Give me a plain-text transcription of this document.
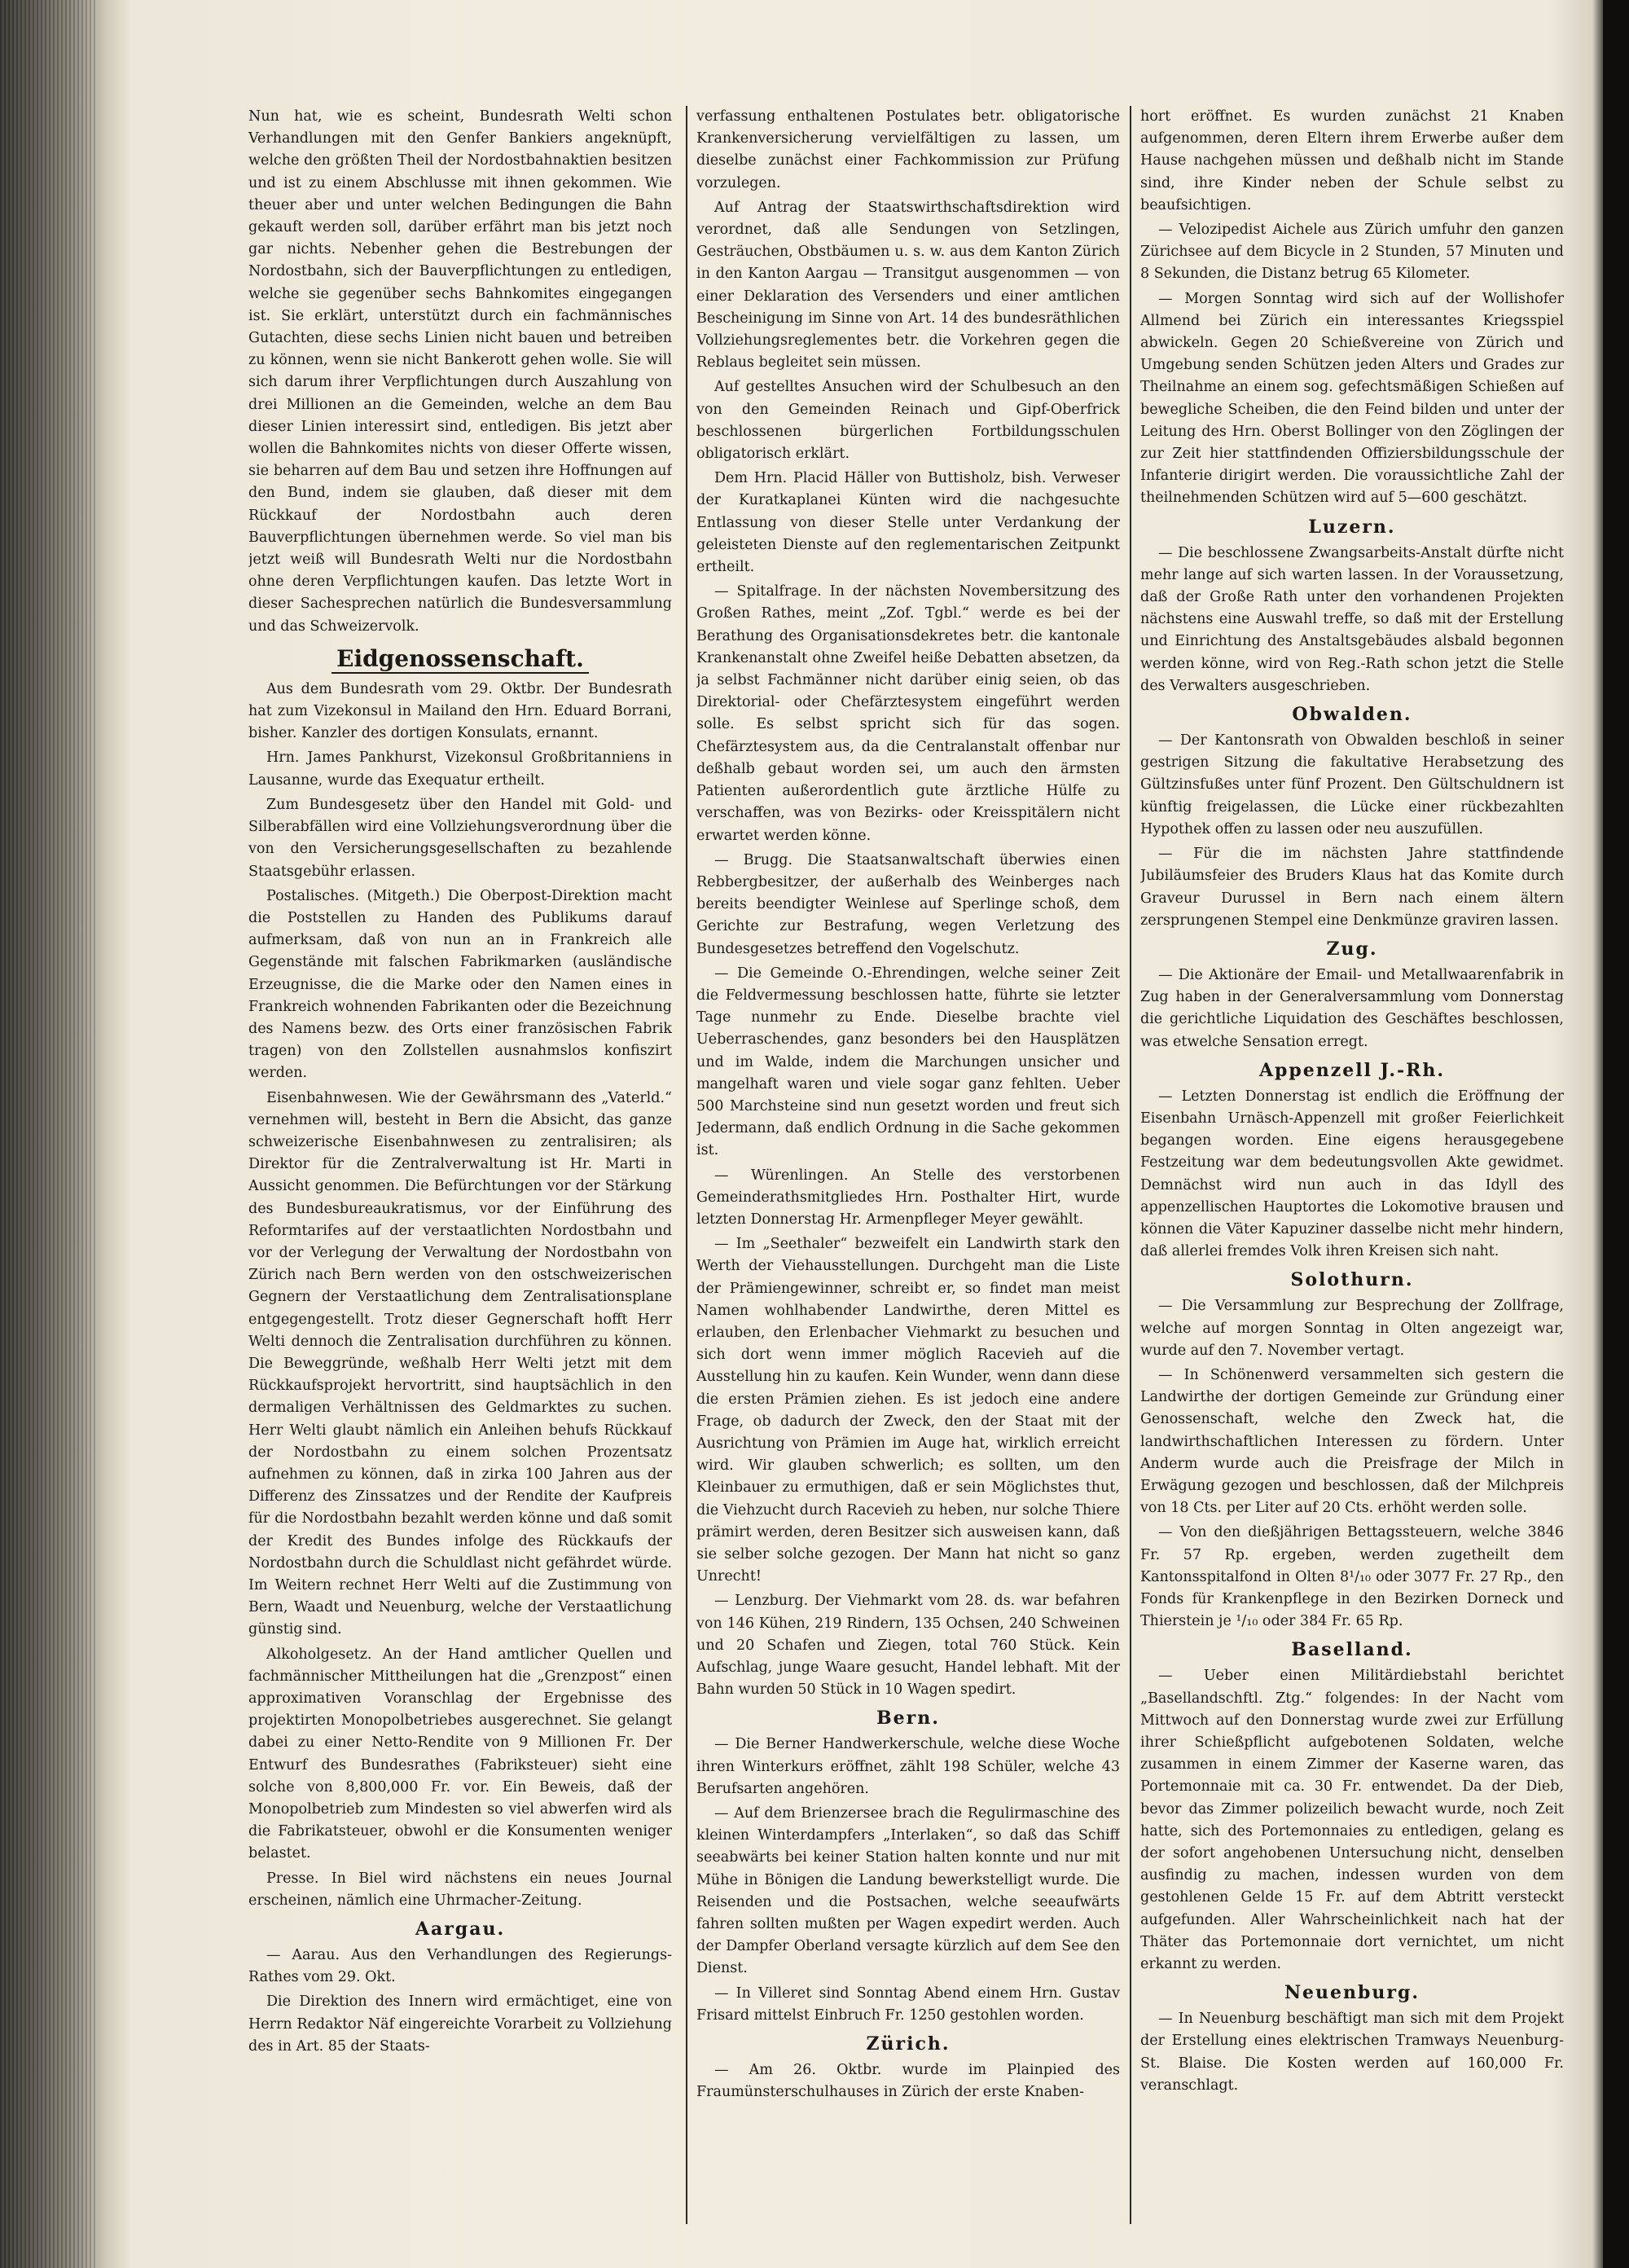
Nun hat, wie es scheint, Bundesrath Welti schon Verhandlungen mit den Genfer Bankiers angeknüpft, welche den größten Theil der Nordostbahnaktien besitzen und ist zu einem Abschlusse mit ihnen gekommen. Wie theuer aber und unter welchen Bedingungen die Bahn gekauft werden soll, darüber erfährt man bis jetzt noch gar nichts. Nebenher gehen die Bestrebungen der Nordostbahn, sich der Bauverpflichtungen zu entledigen, welche sie gegenüber sechs Bahnkomites eingegangen ist. Sie erklärt, unterstützt durch ein fachmännisches Gutachten, diese sechs Linien nicht bauen und betreiben zu können, wenn sie nicht Bankerott gehen wolle. Sie will sich darum ihrer Verpflichtungen durch Auszahlung von drei Millionen an die Gemeinden, welche an dem Bau dieser Linien interessirt sind, entledigen. Bis jetzt aber wollen die Bahnkomites nichts von dieser Offerte wissen, sie beharren auf dem Bau und setzen ihre Hoffnungen auf den Bund, indem sie glauben, daß dieser mit dem Rückkauf der Nordostbahn auch deren Bauverpflichtungen übernehmen werde. So viel man bis jetzt weiß will Bundesrath Welti nur die Nordostbahn ohne deren Verpflichtungen kaufen. Das letzte Wort in dieser Sachesprechen natürlich die Bundesversammlung und das Schweizervolk.

Eidgenossenschaft.

Aus dem Bundesrath vom 29. Oktbr. Der Bundesrath hat zum Vizekonsul in Mailand den Hrn. Eduard Borrani, bisher. Kanzler des dortigen Konsulats, ernannt.

Hrn. James Pankhurst, Vizekonsul Großbritanniens in Lausanne, wurde das Exequatur ertheilt.

Zum Bundesgesetz über den Handel mit Gold- und Silberabfällen wird eine Vollziehungsverordnung über die von den Versicherungsgesellschaften zu bezahlende Staatsgebühr erlassen.

Postalisches. (Mitgeth.) Die Oberpost-Direktion macht die Poststellen zu Handen des Publikums darauf aufmerksam, daß von nun an in Frankreich alle Gegenstände mit falschen Fabrikmarken (ausländische Erzeugnisse, die die Marke oder den Namen eines in Frankreich wohnenden Fabrikanten oder die Bezeichnung des Namens bezw. des Orts einer französischen Fabrik tragen) von den Zollstellen ausnahmslos konfiszirt werden.

Eisenbahnwesen. Wie der Gewährsmann des „Vaterld.“ vernehmen will, besteht in Bern die Absicht, das ganze schweizerische Eisenbahnwesen zu zentralisiren; als Direktor für die Zentralverwaltung ist Hr. Marti in Aussicht genommen. Die Befürchtungen vor der Stärkung des Bundesbureaukratismus, vor der Einführung des Reformtarifes auf der verstaatlichten Nordostbahn und vor der Verlegung der Verwaltung der Nordostbahn von Zürich nach Bern werden von den ostschweizerischen Gegnern der Verstaatlichung dem Zentralisationsplane entgegengestellt. Trotz dieser Gegnerschaft hofft Herr Welti dennoch die Zentralisation durchführen zu können. Die Beweggründe, weßhalb Herr Welti jetzt mit dem Rückkaufsprojekt hervortritt, sind hauptsächlich in den dermaligen Verhältnissen des Geldmarktes zu suchen. Herr Welti glaubt nämlich ein Anleihen behufs Rückkauf der Nordostbahn zu einem solchen Prozentsatz aufnehmen zu können, daß in zirka 100 Jahren aus der Differenz des Zinssatzes und der Rendite der Kaufpreis für die Nordostbahn bezahlt werden könne und daß somit der Kredit des Bundes infolge des Rückkaufs der Nordostbahn durch die Schuldlast nicht gefährdet würde. Im Weitern rechnet Herr Welti auf die Zustimmung von Bern, Waadt und Neuenburg, welche der Verstaatlichung günstig sind.

Alkoholgesetz. An der Hand amtlicher Quellen und fachmännischer Mittheilungen hat die „Grenzpost“ einen approximativen Voranschlag der Ergebnisse des projektirten Monopolbetriebes ausgerechnet. Sie gelangt dabei zu einer Netto-Rendite von 9 Millionen Fr. Der Entwurf des Bundesrathes (Fabriksteuer) sieht eine solche von 8,800,000 Fr. vor. Ein Beweis, daß der Monopolbetrieb zum Mindesten so viel abwerfen wird als die Fabrikatsteuer, obwohl er die Konsumenten weniger belastet.

Presse. In Biel wird nächstens ein neues Journal erscheinen, nämlich eine Uhrmacher-Zeitung.

Aargau.

— Aarau. Aus den Verhandlungen des Regierungs-Rathes vom 29. Okt.

Die Direktion des Innern wird ermächtiget, eine von Herrn Redaktor Näf eingereichte Vorarbeit zu Vollziehung des in Art. 85 der Staats-

verfassung enthaltenen Postulates betr. obligatorische Krankenversicherung vervielfältigen zu lassen, um dieselbe zunächst einer Fachkommission zur Prüfung vorzulegen.

Auf Antrag der Staatswirthschaftsdirektion wird verordnet, daß alle Sendungen von Setzlingen, Gesträuchen, Obstbäumen u. s. w. aus dem Kanton Zürich in den Kanton Aargau — Transitgut ausgenommen — von einer Deklaration des Versenders und einer amtlichen Bescheinigung im Sinne von Art. 14 des bundesräthlichen Vollziehungsreglementes betr. die Vorkehren gegen die Reblaus begleitet sein müssen.

Auf gestelltes Ansuchen wird der Schulbesuch an den von den Gemeinden Reinach und Gipf-Oberfrick beschlossenen bürgerlichen Fortbildungsschulen obligatorisch erklärt.

Dem Hrn. Placid Häller von Buttisholz, bish. Verweser der Kuratkaplanei Künten wird die nachgesuchte Entlassung von dieser Stelle unter Verdankung der geleisteten Dienste auf den reglementarischen Zeitpunkt ertheilt.

— Spitalfrage. In der nächsten Novembersitzung des Großen Rathes, meint „Zof. Tgbl.“ werde es bei der Berathung des Organisationsdekretes betr. die kantonale Krankenanstalt ohne Zweifel heiße Debatten absetzen, da ja selbst Fachmänner nicht darüber einig seien, ob das Direktorial- oder Chefärztesystem eingeführt werden solle. Es selbst spricht sich für das sogen. Chefärztesystem aus, da die Centralanstalt offenbar nur deßhalb gebaut worden sei, um auch den ärmsten Patienten außerordentlich gute ärztliche Hülfe zu verschaffen, was von Bezirks- oder Kreisspitälern nicht erwartet werden könne.

— Brugg. Die Staatsanwaltschaft überwies einen Rebbergbesitzer, der außerhalb des Weinberges nach bereits beendigter Weinlese auf Sperlinge schoß, dem Gerichte zur Bestrafung, wegen Verletzung des Bundesgesetzes betreffend den Vogelschutz.

— Die Gemeinde O.-Ehrendingen, welche seiner Zeit die Feldvermessung beschlossen hatte, führte sie letzter Tage nunmehr zu Ende. Dieselbe brachte viel Ueberraschendes, ganz besonders bei den Hausplätzen und im Walde, indem die Marchungen unsicher und mangelhaft waren und viele sogar ganz fehlten. Ueber 500 Marchsteine sind nun gesetzt worden und freut sich Jedermann, daß endlich Ordnung in die Sache gekommen ist.

— Würenlingen. An Stelle des verstorbenen Gemeinderathsmitgliedes Hrn. Posthalter Hirt, wurde letzten Donnerstag Hr. Armenpfleger Meyer gewählt.

— Im „Seethaler“ bezweifelt ein Landwirth stark den Werth der Viehausstellungen. Durchgeht man die Liste der Prämiengewinner, schreibt er, so findet man meist Namen wohlhabender Landwirthe, deren Mittel es erlauben, den Erlenbacher Viehmarkt zu besuchen und sich dort wenn immer möglich Racevieh auf die Ausstellung hin zu kaufen. Kein Wunder, wenn dann diese die ersten Prämien ziehen. Es ist jedoch eine andere Frage, ob dadurch der Zweck, den der Staat mit der Ausrichtung von Prämien im Auge hat, wirklich erreicht wird. Wir glauben schwerlich; es sollten, um den Kleinbauer zu ermuthigen, daß er sein Möglichstes thut, die Viehzucht durch Racevieh zu heben, nur solche Thiere prämirt werden, deren Besitzer sich ausweisen kann, daß sie selber solche gezogen. Der Mann hat nicht so ganz Unrecht!

— Lenzburg. Der Viehmarkt vom 28. ds. war befahren von 146 Kühen, 219 Rindern, 135 Ochsen, 240 Schweinen und 20 Schafen und Ziegen, total 760 Stück. Kein Aufschlag, junge Waare gesucht, Handel lebhaft. Mit der Bahn wurden 50 Stück in 10 Wagen spedirt.

Bern.

— Die Berner Handwerkerschule, welche diese Woche ihren Winterkurs eröffnet, zählt 198 Schüler, welche 43 Berufsarten angehören.

— Auf dem Brienzersee brach die Regulirmaschine des kleinen Winterdampfers „Interlaken“, so daß das Schiff seeabwärts bei keiner Station halten konnte und nur mit Mühe in Bönigen die Landung bewerkstelligt wurde. Die Reisenden und die Postsachen, welche seeaufwärts fahren sollten mußten per Wagen expedirt werden. Auch der Dampfer Oberland versagte kürzlich auf dem See den Dienst.

— In Villeret sind Sonntag Abend einem Hrn. Gustav Frisard mittelst Einbruch Fr. 1250 gestohlen worden.

Zürich.

— Am 26. Oktbr. wurde im Plainpied des Fraumünsterschulhauses in Zürich der erste Knaben-

hort eröffnet. Es wurden zunächst 21 Knaben aufgenommen, deren Eltern ihrem Erwerbe außer dem Hause nachgehen müssen und deßhalb nicht im Stande sind, ihre Kinder neben der Schule selbst zu beaufsichtigen.

— Velozipedist Aichele aus Zürich umfuhr den ganzen Zürichsee auf dem Bicycle in 2 Stunden, 57 Minuten und 8 Sekunden, die Distanz betrug 65 Kilometer.

— Morgen Sonntag wird sich auf der Wollishofer Allmend bei Zürich ein interessantes Kriegsspiel abwickeln. Gegen 20 Schießvereine von Zürich und Umgebung senden Schützen jeden Alters und Grades zur Theilnahme an einem sog. gefechtsmäßigen Schießen auf bewegliche Scheiben, die den Feind bilden und unter der Leitung des Hrn. Oberst Bollinger von den Zöglingen der zur Zeit hier stattfindenden Offiziersbildungsschule der Infanterie dirigirt werden. Die voraussichtliche Zahl der theilnehmenden Schützen wird auf 5—600 geschätzt.

Luzern.

— Die beschlossene Zwangsarbeits-Anstalt dürfte nicht mehr lange auf sich warten lassen. In der Voraussetzung, daß der Große Rath unter den vorhandenen Projekten nächstens eine Auswahl treffe, so daß mit der Erstellung und Einrichtung des Anstaltsgebäudes alsbald begonnen werden könne, wird von Reg.-Rath schon jetzt die Stelle des Verwalters ausgeschrieben.

Obwalden.

— Der Kantonsrath von Obwalden beschloß in seiner gestrigen Sitzung die fakultative Herabsetzung des Gültzinsfußes unter fünf Prozent. Den Gültschuldnern ist künftig freigelassen, die Lücke einer rückbezahlten Hypothek offen zu lassen oder neu auszufüllen.

— Für die im nächsten Jahre stattfindende Jubiläumsfeier des Bruders Klaus hat das Komite durch Graveur Durussel in Bern nach einem ältern zersprungenen Stempel eine Denkmünze graviren lassen.

Zug.

— Die Aktionäre der Email- und Metallwaarenfabrik in Zug haben in der Generalversammlung vom Donnerstag die gerichtliche Liquidation des Geschäftes beschlossen, was etwelche Sensation erregt.

Appenzell J.-Rh.

— Letzten Donnerstag ist endlich die Eröffnung der Eisenbahn Urnäsch-Appenzell mit großer Feierlichkeit begangen worden. Eine eigens herausgegebene Festzeitung war dem bedeutungsvollen Akte gewidmet. Demnächst wird nun auch in das Idyll des appenzellischen Hauptortes die Lokomotive brausen und können die Väter Kapuziner dasselbe nicht mehr hindern, daß allerlei fremdes Volk ihren Kreisen sich naht.

Solothurn.

— Die Versammlung zur Besprechung der Zollfrage, welche auf morgen Sonntag in Olten angezeigt war, wurde auf den 7. November vertagt.

— In Schönenwerd versammelten sich gestern die Landwirthe der dortigen Gemeinde zur Gründung einer Genossenschaft, welche den Zweck hat, die landwirthschaftlichen Interessen zu fördern. Unter Anderm wurde auch die Preisfrage der Milch in Erwägung gezogen und beschlossen, daß der Milchpreis von 18 Cts. per Liter auf 20 Cts. erhöht werden solle.

— Von den dießjährigen Bettagssteuern, welche 3846 Fr. 57 Rp. ergeben, werden zugetheilt dem Kantonsspitalfond in Olten 8¹/₁₀ oder 3077 Fr. 27 Rp., den Fonds für Krankenpflege in den Bezirken Dorneck und Thierstein je ¹/₁₀ oder 384 Fr. 65 Rp.

Baselland.

— Ueber einen Militärdiebstahl berichtet „Basellandschftl. Ztg.“ folgendes: In der Nacht vom Mittwoch auf den Donnerstag wurde zwei zur Erfüllung ihrer Schießpflicht aufgebotenen Soldaten, welche zusammen in einem Zimmer der Kaserne waren, das Portemonnaie mit ca. 30 Fr. entwendet. Da der Dieb, bevor das Zimmer polizeilich bewacht wurde, noch Zeit hatte, sich des Portemonnaies zu entledigen, gelang es der sofort angehobenen Untersuchung nicht, denselben ausfindig zu machen, indessen wurden von dem gestohlenen Gelde 15 Fr. auf dem Abtritt versteckt aufgefunden. Aller Wahrscheinlichkeit nach hat der Thäter das Portemonnaie dort vernichtet, um nicht erkannt zu werden.

Neuenburg.

— In Neuenburg beschäftigt man sich mit dem Projekt der Erstellung eines elektrischen Tramways Neuenburg-St. Blaise. Die Kosten werden auf 160,000 Fr. veranschlagt.
